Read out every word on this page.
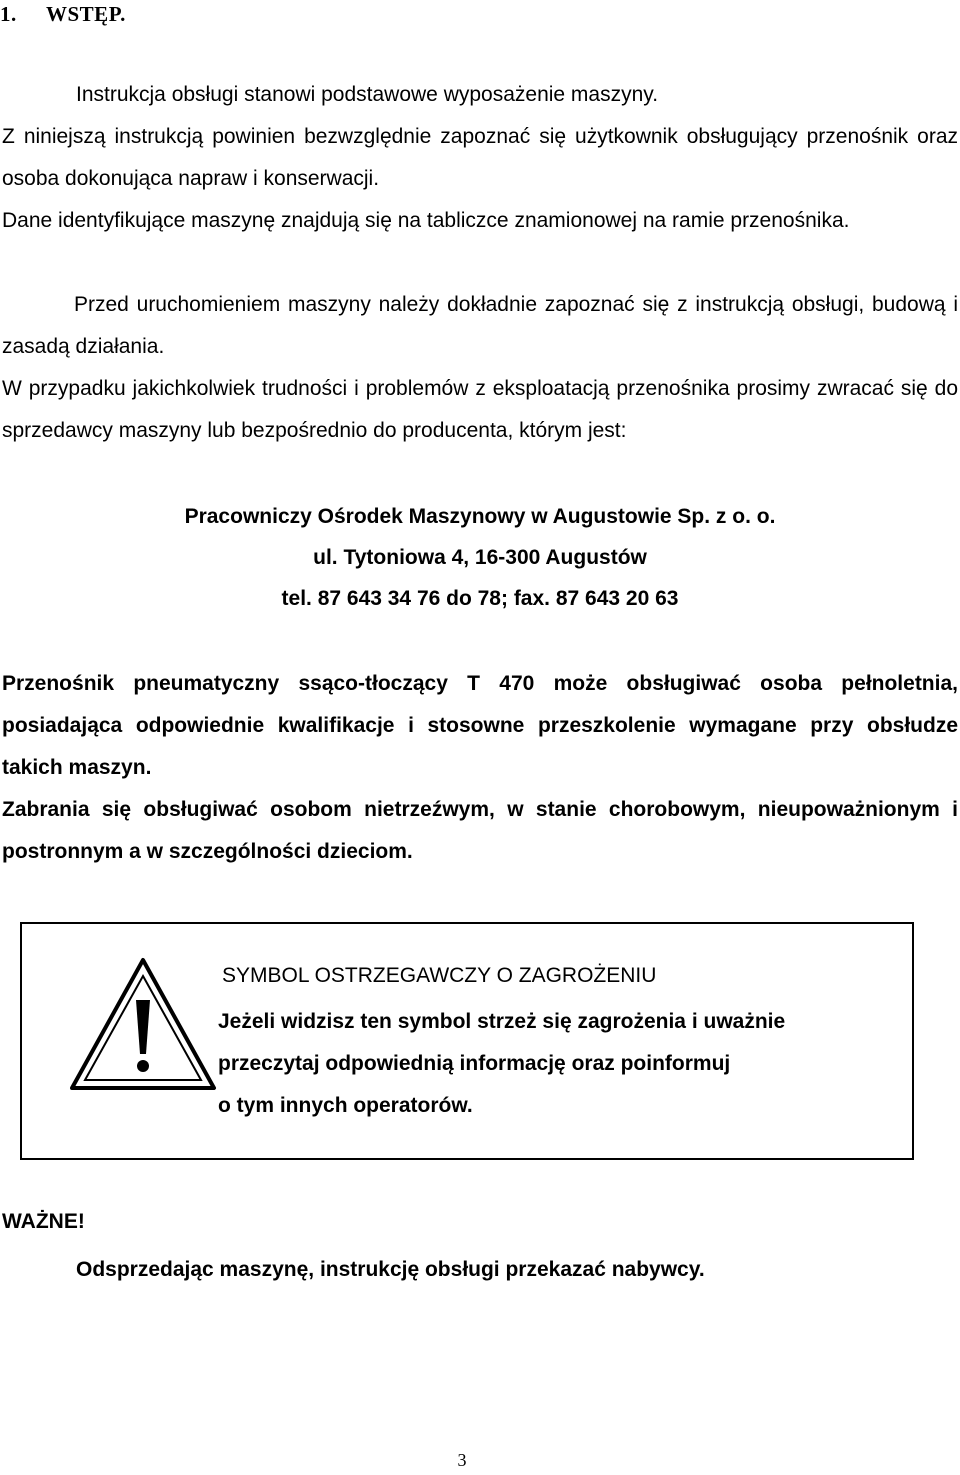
1. WSTĘP.
Instrukcja obsługi stanowi podstawowe wyposażenie maszyny.
Z niniejszą instrukcją powinien bezwzględnie zapoznać się użytkownik obsługujący przenośnik oraz osoba dokonująca napraw i konserwacji.
Dane identyfikujące maszynę znajdują się na tabliczce znamionowej na ramie przenośnika.
Przed uruchomieniem maszyny należy dokładnie zapoznać się z instrukcją obsługi, budową i zasadą działania.
W przypadku jakichkolwiek trudności i problemów z eksploatacją przenośnika prosimy zwracać się do sprzedawcy maszyny lub bezpośrednio do producenta, którym jest:
Pracowniczy Ośrodek Maszynowy w Augustowie Sp. z o. o.
ul. Tytoniowa 4, 16-300 Augustów
tel. 87 643 34 76 do 78; fax. 87 643 20 63
Przenośnik pneumatyczny ssąco-tłoczący T 470 może obsługiwać osoba pełnoletnia, posiadająca odpowiednie kwalifikacje i stosowne przeszkolenie wymagane przy obsłudze takich maszyn.
Zabrania się obsługiwać osobom nietrzeźwym, w stanie chorobowym, nieupoważnionym i postronnym a w szczególności dzieciom.
SYMBOL OSTRZEGAWCZY O ZAGROŻENIU
Jeżeli widzisz ten symbol strzeż się zagrożenia i uważnie
przeczytaj odpowiednią informację oraz poinformuj
o tym innych operatorów.
WAŻNE!
Odsprzedając maszynę, instrukcję obsługi przekazać nabywcy.
3
